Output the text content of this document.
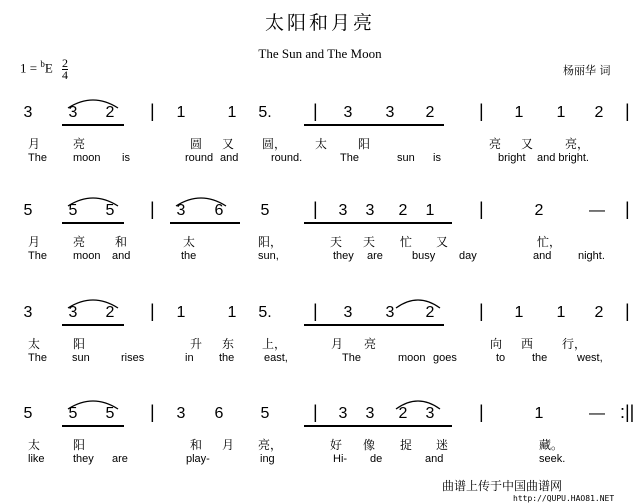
太阳和月亮
The Sun and The Moon
$1 = ^bE \frac{2}{4}$	杨丽华 词
3 3 2 | 1	1 5. | 3 3 2 | 1 1 2 |
月	亮	圆 又 圆， 太	阳	亮 又	亮，
The moon is	round and	round.	The	sun is	bright and bright.
5 5 5 | 3 6 5 | 3 3 2 1 |	2	— |
月	亮 和	太	阳，	天 天 忙 又	忙，
The moon and	the	sun,	they are	busy day	and night.
3 3 2 | 1	1 5. | 3 3 2 | 1 1 2 |
太	阳	升 东 上，	月 亮	向 西 行，
The sun	rises	in the	east,	The	moon goes	to the	west,
5 5 5 | 3 6 5 | 3 3 2 3 |	1	— :||
太	阳	和 月 亮，	好 像 捉 迷	藏。
like	they are	play-	ing	Hi- de	and	seek.
曲谱上传于中国曲谱网
http://QUPU.HAO81.NET
